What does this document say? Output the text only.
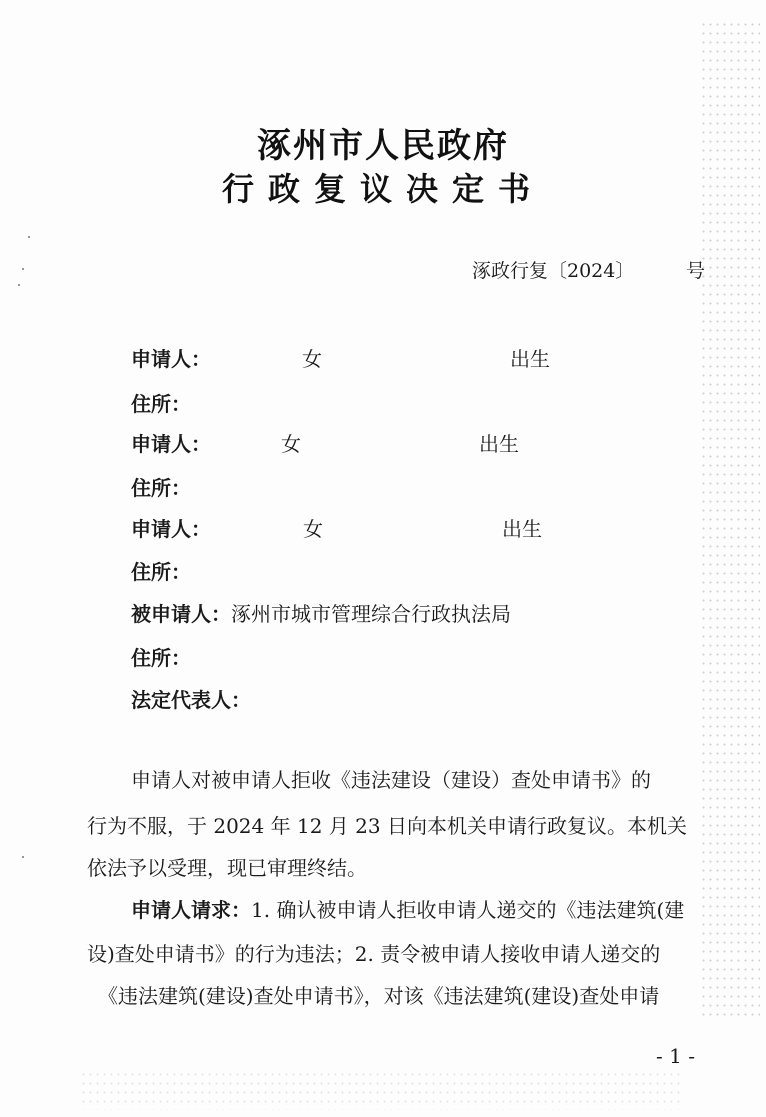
涿州市人民政府
行政复议决定书
涿政行复〔2024〕	号
申请人：	女	出生
住所：
申请人：	女	出生
住所：
申请人：	女	出生
住所：
被申请人：涿州市城市管理综合行政执法局
住所：
法定代表人：
申请人对被申请人拒收《违法建设（建设）查处申请书》的
行为不服，于 2024 年 12 月 23 日向本机关申请行政复议。本机关
依法予以受理，现已审理终结。
申请人请求：1. 确认被申请人拒收申请人递交的《违法建筑(建
设)查处申请书》的行为违法；2. 责令被申请人接收申请人递交的
《违法建筑(建设)查处申请书》，对该《违法建筑(建设)查处申请
- 1 -
